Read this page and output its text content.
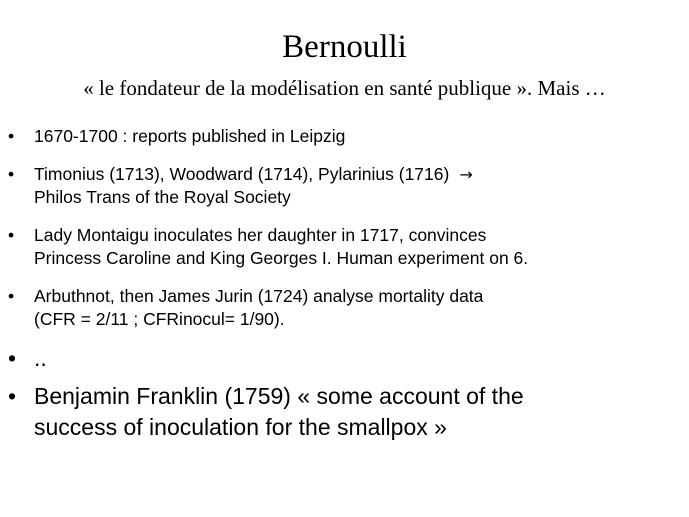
Bernoulli

« le fondateur de la modélisation en santé publique ». Mais …

• 1670-1700 : reports published in Leipzig
• Timonius (1713), Woodward (1714), Pylarinius (1716) →
Philos Trans of the Royal Society
• Lady Montaigu inoculates her daughter in 1717, convinces
Princess Caroline and King Georges I. Human experiment on 6.
• Arbuthnot, then James Jurin (1724) analyse mortality data
(CFR = 2/11 ; CFRinocul= 1/90).
• ..
• Benjamin Franklin (1759) « some account of the
success of inoculation for the smallpox »
